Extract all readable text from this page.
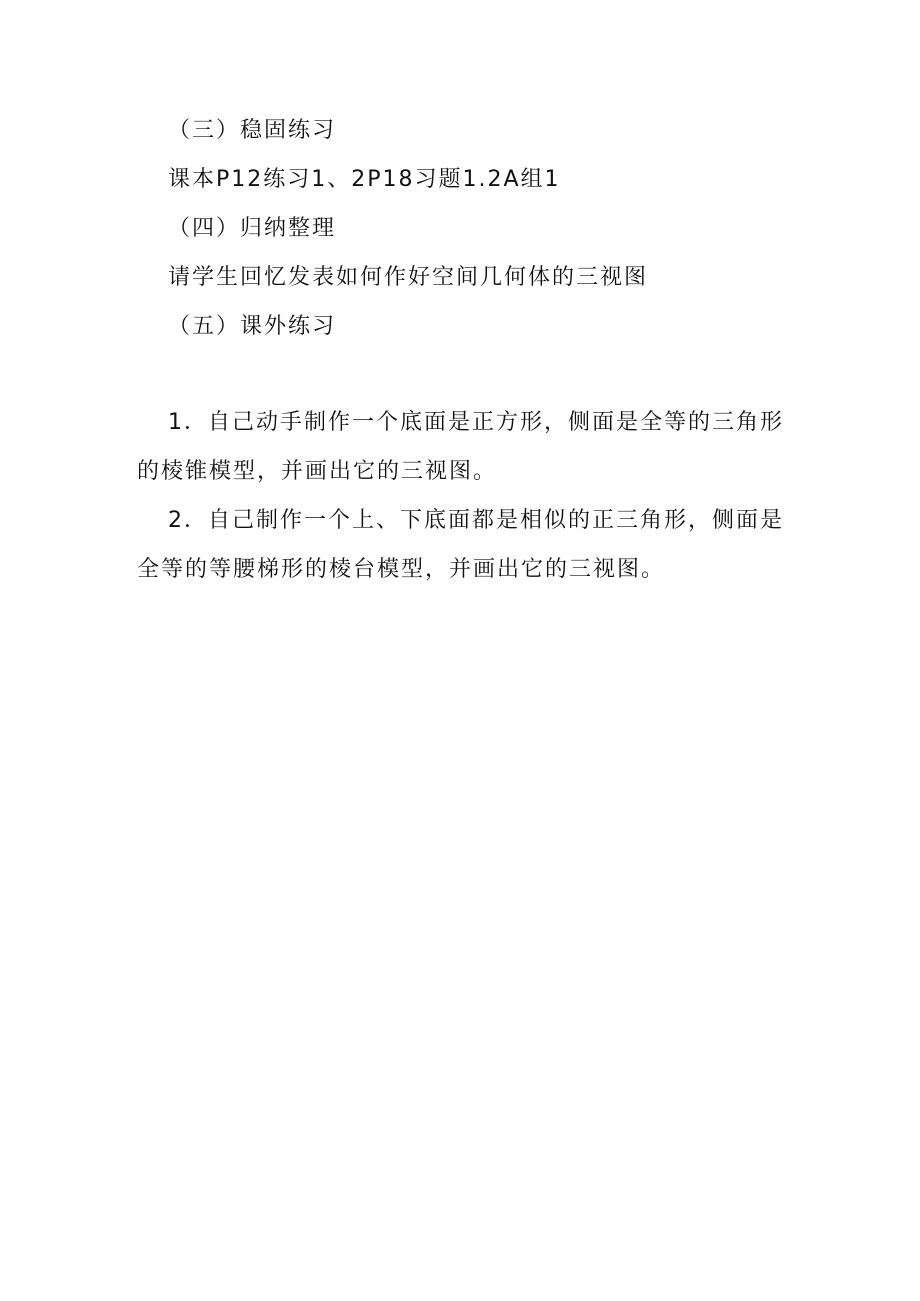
（三）稳固练习
课本P12练习1、2P18习题1.2A组1
（四）归纳整理
请学生回忆发表如何作好空间几何体的三视图
（五）课外练习
1．自己动手制作一个底面是正方形，侧面是全等的三角形
的棱锥模型，并画出它的三视图。
2．自己制作一个上、下底面都是相似的正三角形，侧面是
全等的等腰梯形的棱台模型，并画出它的三视图。
